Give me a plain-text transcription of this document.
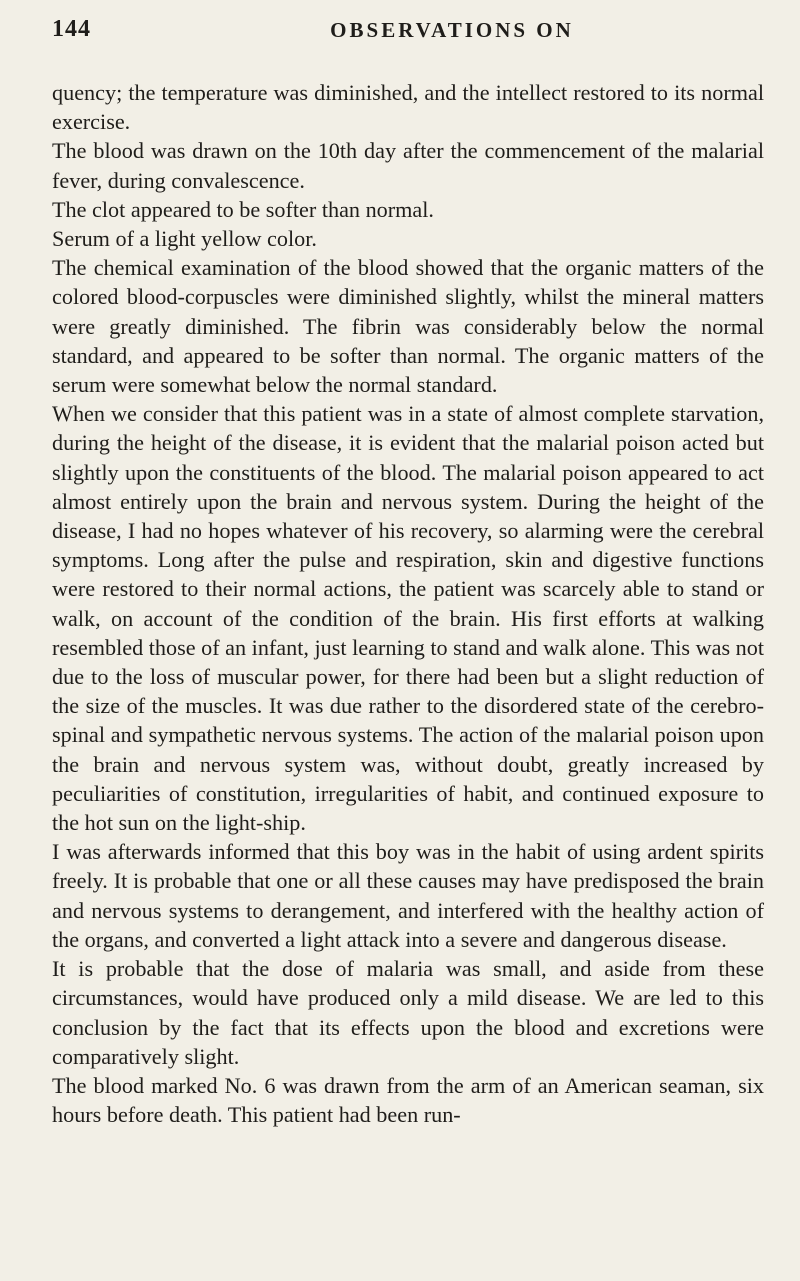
144	OBSERVATIONS ON

quency; the temperature was diminished, and the intellect restored to its normal exercise.

The blood was drawn on the 10th day after the commencement of the malarial fever, during convalescence.

The clot appeared to be softer than normal.

Serum of a light yellow color.

The chemical examination of the blood showed that the organic matters of the colored blood-corpuscles were diminished slightly, whilst the mineral matters were greatly diminished. The fibrin was considerably below the normal standard, and appeared to be softer than normal. The organic matters of the serum were somewhat below the normal standard.

When we consider that this patient was in a state of almost complete starvation, during the height of the disease, it is evident that the malarial poison acted but slightly upon the constituents of the blood. The malarial poison appeared to act almost entirely upon the brain and nervous system. During the height of the disease, I had no hopes whatever of his recovery, so alarming were the cerebral symptoms. Long after the pulse and respiration, skin and digestive functions were restored to their normal actions, the patient was scarcely able to stand or walk, on account of the condition of the brain. His first efforts at walking resembled those of an infant, just learning to stand and walk alone. This was not due to the loss of muscular power, for there had been but a slight reduction of the size of the muscles. It was due rather to the disordered state of the cerebro-spinal and sympathetic nervous systems. The action of the malarial poison upon the brain and nervous system was, without doubt, greatly increased by peculiarities of constitution, irregularities of habit, and continued exposure to the hot sun on the light-ship.

I was afterwards informed that this boy was in the habit of using ardent spirits freely. It is probable that one or all these causes may have predisposed the brain and nervous systems to derangement, and interfered with the healthy action of the organs, and converted a light attack into a severe and dangerous disease.

It is probable that the dose of malaria was small, and aside from these circumstances, would have produced only a mild disease. We are led to this conclusion by the fact that its effects upon the blood and excretions were comparatively slight.

The blood marked No. 6 was drawn from the arm of an American seaman, six hours before death. This patient had been run-
